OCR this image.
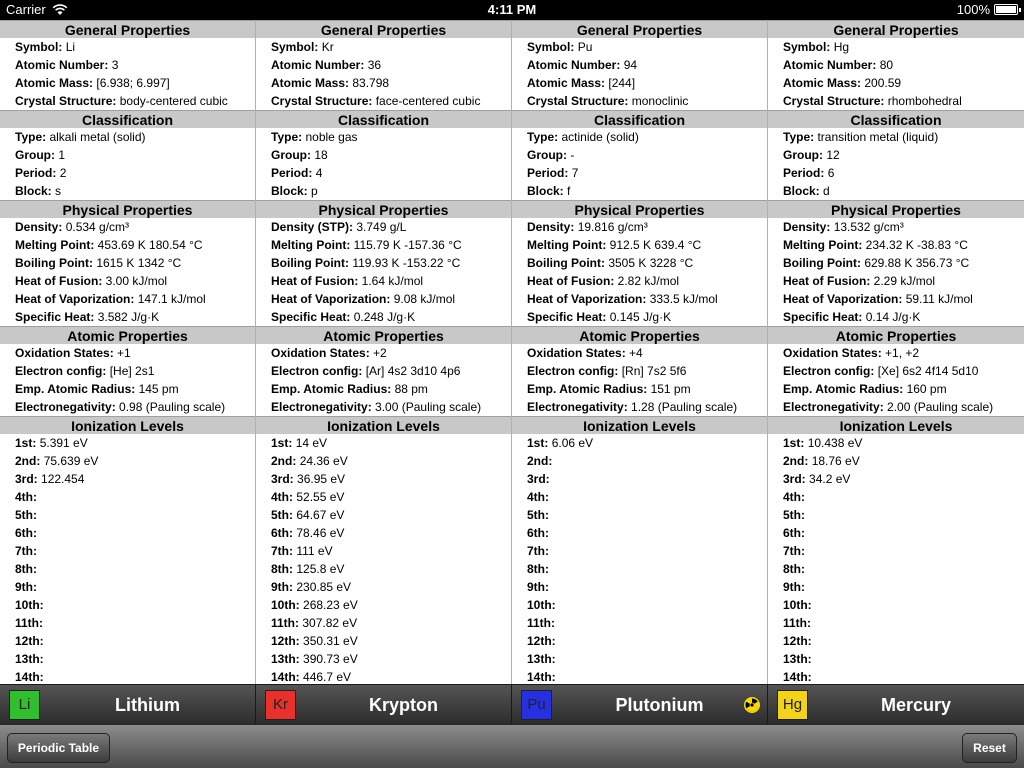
Carrier	4:11 PM	100%
General Properties
Symbol: Li
Atomic Number: 3
Atomic Mass: [6.938; 6.997]
Crystal Structure: body-centered cubic
Classification
Type: alkali metal (solid)
Group: 1
Period: 2
Block: s
Physical Properties
Density: 0.534 g/cm³
Melting Point: 453.69 K 180.54 °C
Boiling Point: 1615 K 1342 °C
Heat of Fusion: 3.00 kJ/mol
Heat of Vaporization: 147.1 kJ/mol
Specific Heat: 3.582 J/g·K
Atomic Properties
Oxidation States: +1
Electron config: [He] 2s1
Emp. Atomic Radius: 145 pm
Electronegativity: 0.98 (Pauling scale)
Ionization Levels
1st: 5.391 eV
2nd: 75.639 eV
3rd: 122.454
4th:
5th:
6th:
7th:
8th:
9th:
10th:
11th:
12th:
13th:
14th:
General Properties
Symbol: Kr
Atomic Number: 36
Atomic Mass: 83.798
Crystal Structure: face-centered cubic
Classification
Type: noble gas
Group: 18
Period: 4
Block: p
Physical Properties
Density (STP): 3.749 g/L
Melting Point: 115.79 K -157.36 °C
Boiling Point: 119.93 K -153.22 °C
Heat of Fusion: 1.64 kJ/mol
Heat of Vaporization: 9.08 kJ/mol
Specific Heat: 0.248 J/g·K
Atomic Properties
Oxidation States: +2
Electron config: [Ar] 4s2 3d10 4p6
Emp. Atomic Radius: 88 pm
Electronegativity: 3.00 (Pauling scale)
Ionization Levels
1st: 14 eV
2nd: 24.36 eV
3rd: 36.95 eV
4th: 52.55 eV
5th: 64.67 eV
6th: 78.46 eV
7th: 111 eV
8th: 125.8 eV
9th: 230.85 eV
10th: 268.23 eV
11th: 307.82 eV
12th: 350.31 eV
13th: 390.73 eV
14th: 446.7 eV
General Properties
Symbol: Pu
Atomic Number: 94
Atomic Mass: [244]
Crystal Structure: monoclinic
Classification
Type: actinide (solid)
Group: -
Period: 7
Block: f
Physical Properties
Density: 19.816 g/cm³
Melting Point: 912.5 K 639.4 °C
Boiling Point: 3505 K 3228 °C
Heat of Fusion: 2.82 kJ/mol
Heat of Vaporization: 333.5 kJ/mol
Specific Heat: 0.145 J/g·K
Atomic Properties
Oxidation States: +4
Electron config: [Rn] 7s2 5f6
Emp. Atomic Radius: 151 pm
Electronegativity: 1.28 (Pauling scale)
Ionization Levels
1st: 6.06 eV
2nd:
3rd:
4th:
5th:
6th:
7th:
8th:
9th:
10th:
11th:
12th:
13th:
14th:
General Properties
Symbol: Hg
Atomic Number: 80
Atomic Mass: 200.59
Crystal Structure: rhombohedral
Classification
Type: transition metal (liquid)
Group: 12
Period: 6
Block: d
Physical Properties
Density: 13.532 g/cm³
Melting Point: 234.32 K -38.83 °C
Boiling Point: 629.88 K 356.73 °C
Heat of Fusion: 2.29 kJ/mol
Heat of Vaporization: 59.11 kJ/mol
Specific Heat: 0.14 J/g·K
Atomic Properties
Oxidation States: +1, +2
Electron config: [Xe] 6s2 4f14 5d10
Emp. Atomic Radius: 160 pm
Electronegativity: 2.00 (Pauling scale)
Ionization Levels
1st: 10.438 eV
2nd: 18.76 eV
3rd: 34.2 eV
4th:
5th:
6th:
7th:
8th:
9th:
10th:
11th:
12th:
13th:
14th:
Li	Lithium	Kr	Krypton	Pu	Plutonium	Hg	Mercury
Periodic Table	Reset
